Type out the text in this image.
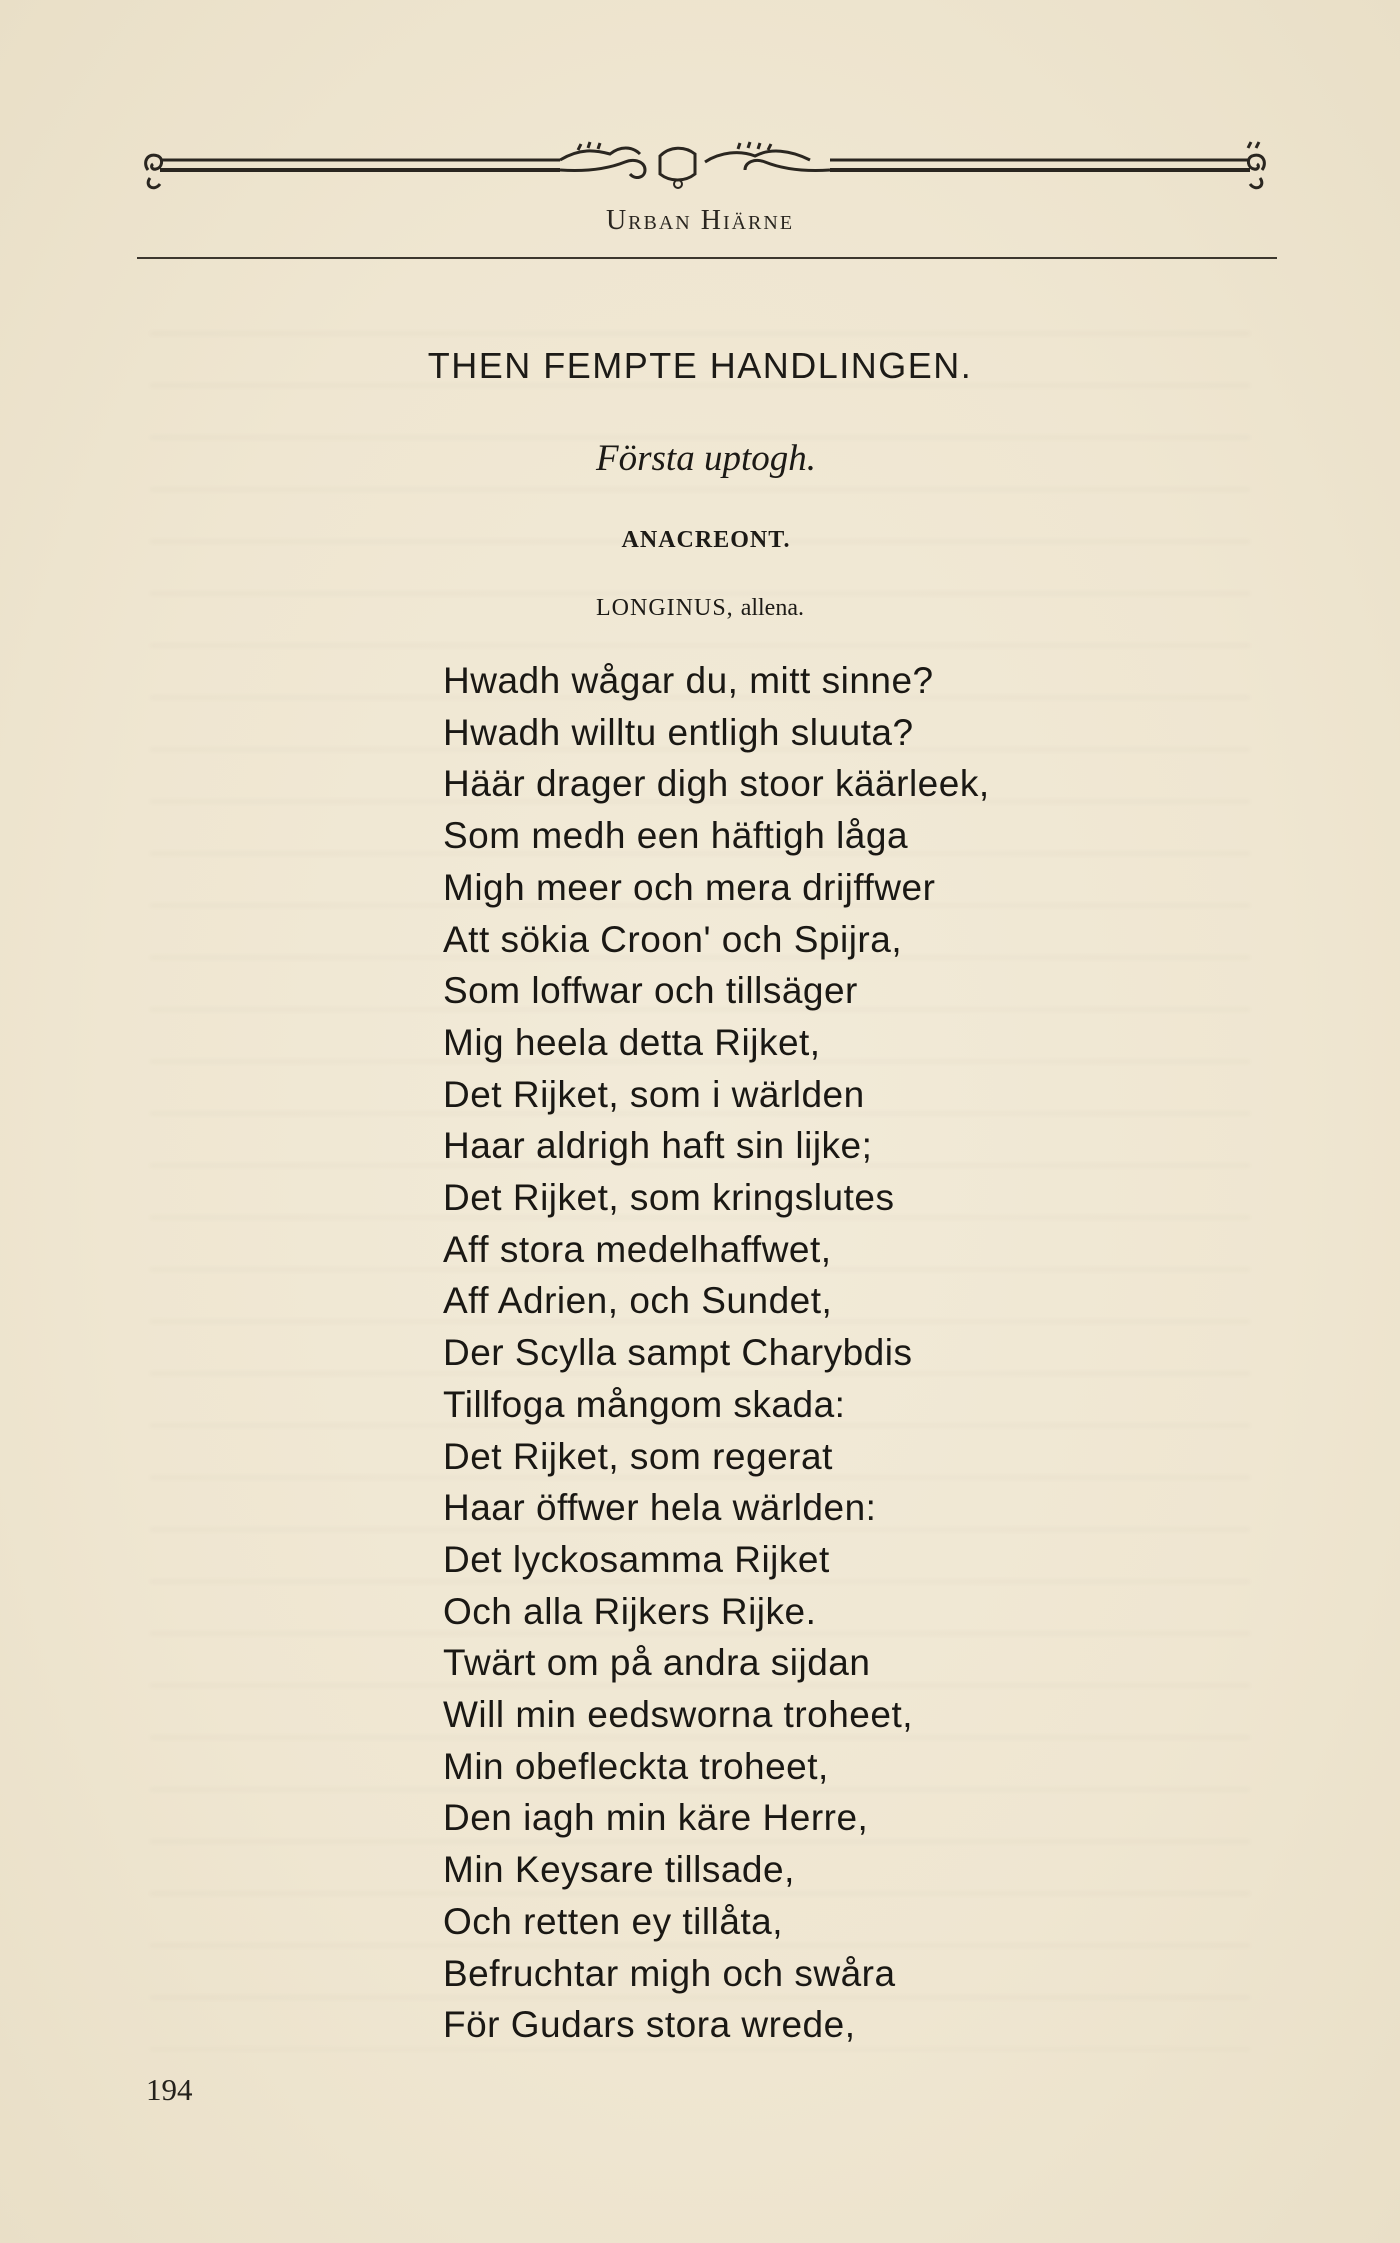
Urban Hiärne
THEN FEMPTE HANDLINGEN.
Första uptogh.
ANACREONT.
LONGINUS, allena.
Hwadh wågar du, mitt sinne?
Hwadh willtu entligh sluuta?
Häär drager digh stoor käärleek,
Som medh een häftigh låga
Migh meer och mera drijffwer
Att sökia Croon' och Spijra,
Som loffwar och tillsäger
Mig heela detta Rijket,
Det Rijket, som i wärlden
Haar aldrigh haft sin lijke;
Det Rijket, som kringslutes
Aff stora medelhaffwet,
Aff Adrien, och Sundet,
Der Scylla sampt Charybdis
Tillfoga mångom skada:
Det Rijket, som regerat
Haar öffwer hela wärlden:
Det lyckosamma Rijket
Och alla Rijkers Rijke.
Twärt om på andra sijdan
Will min eedsworna troheet,
Min obefleckta troheet,
Den iagh min käre Herre,
Min Keysare tillsade,
Och retten ey tillåta,
Befruchtar migh och swåra
För Gudars stora wrede,
194
